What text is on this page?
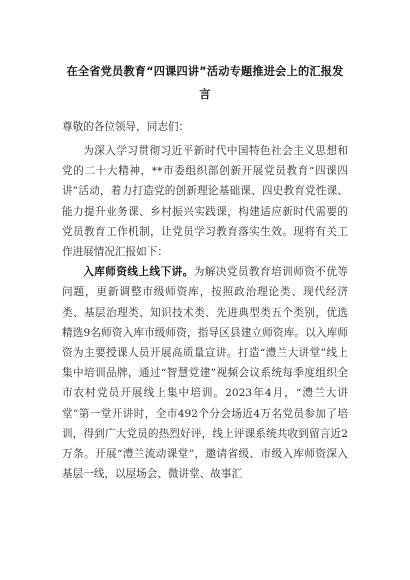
在全省党员教育“四课四讲”活动专题推进会上的汇报发
言
尊敬的各位领导，同志们：

为深入学习贯彻习近平新时代中国特色社会主义思想和党的二十大精神，**市委组织部创新开展党员教育“四课四讲”活动，着力打造党的创新理论基础课、四史教育党性课、能力提升业务课、乡村振兴实践课，构建适应新时代需要的党员教育工作机制，让党员学习教育落实生效。现将有关工作进展情况汇报如下：

入库师资线上线下讲。为解决党员教育培训师资不优等问题，更新调整市级师资库，按照政治理论类、现代经济类、基层治理类、知识技术类、先进典型类五个类别，优选精选9名师资入库市级师资，指导区县建立师资库。以入库师资为主要授课人员开展高质量宣讲。打造“澧兰大讲堂”线上集中培训品牌，通过“智慧党建”视频会议系统每季度组织全市农村党员开展线上集中培训。2023年4月，“澧兰大讲堂”第一堂开讲时，全市492个分会场近4万名党员参加了培训，得到广大党员的热烈好评，线上评课系统共收到留言近2万条。开展“澧兰流动课堂”，邀请省级、市级入库师资深入基层一线，以屋场会、微讲堂、故事汇
